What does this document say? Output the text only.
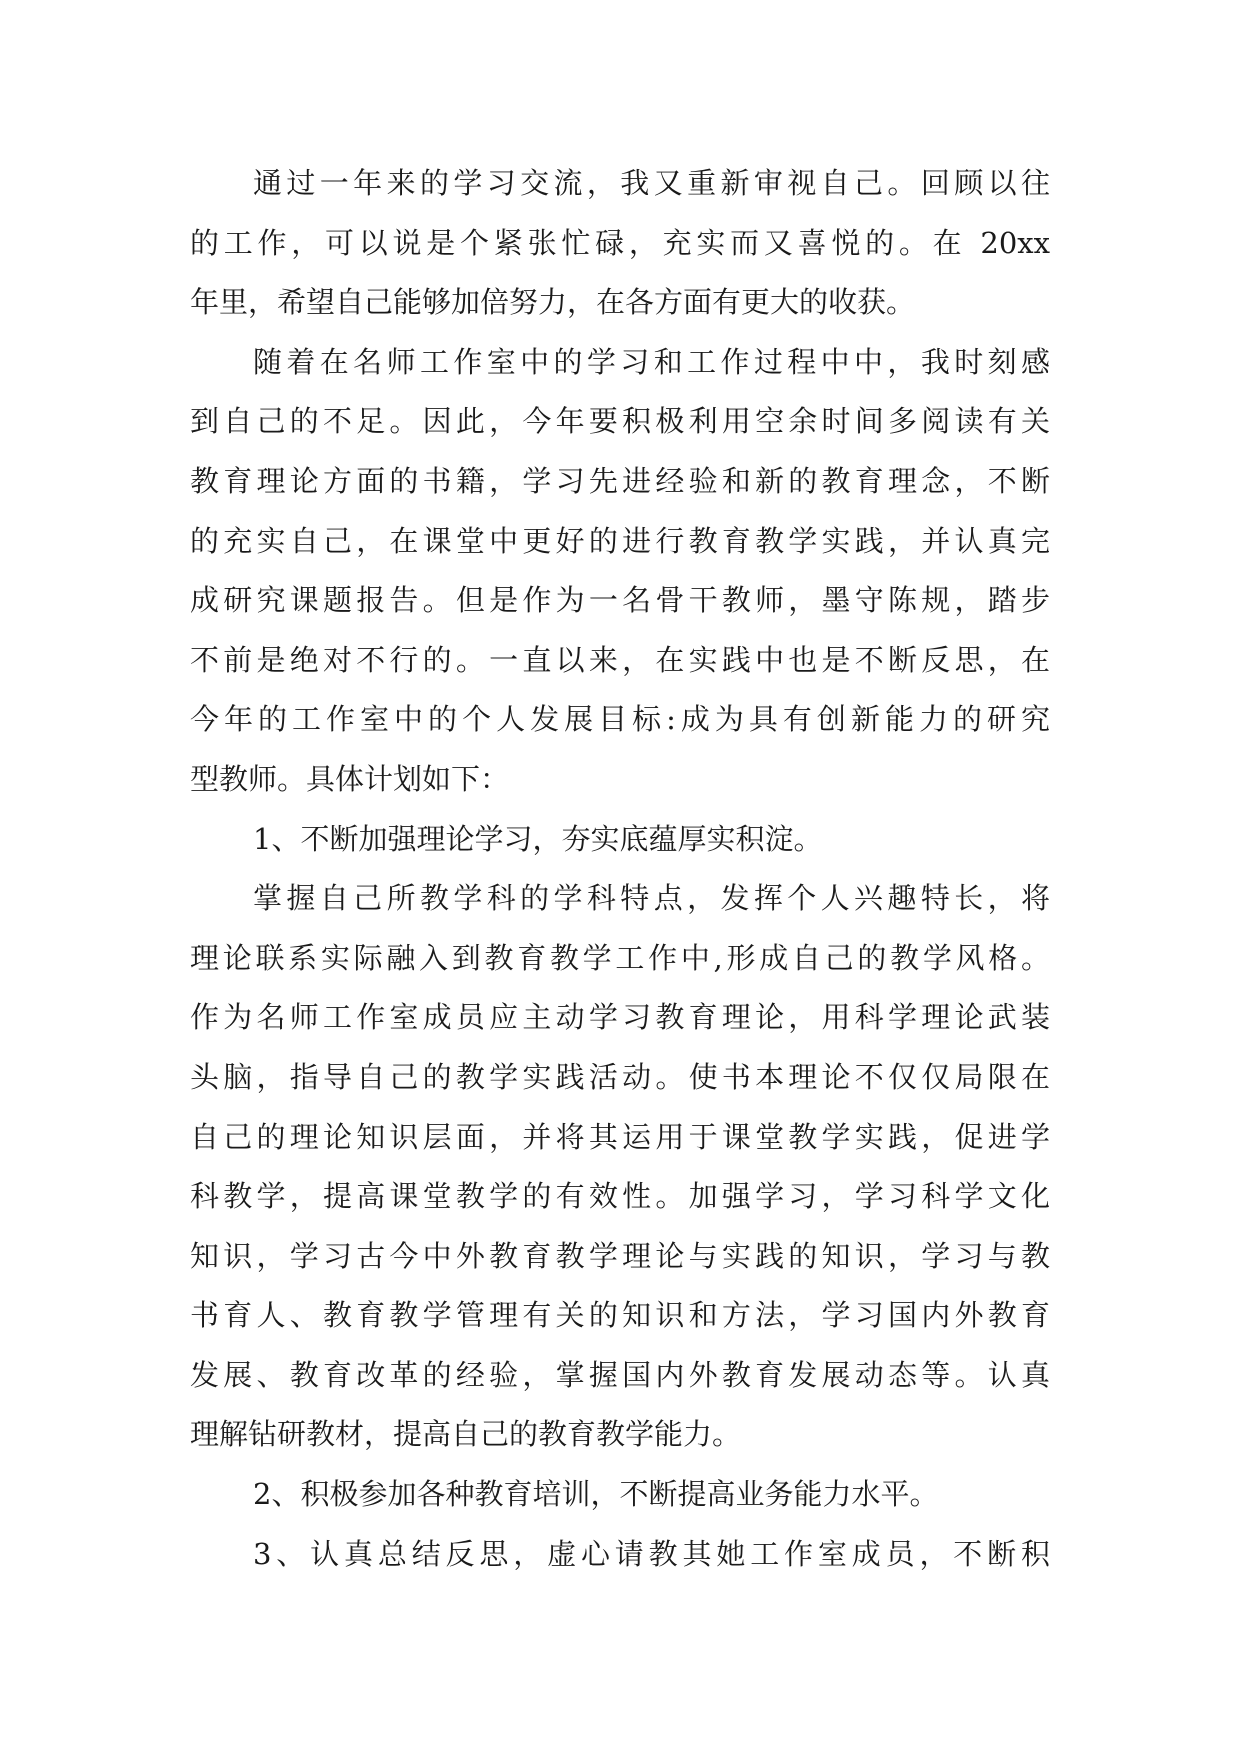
通过一年来的学习交流，我又重新审视自己。回顾以往
的工作，可以说是个紧张忙碌，充实而又喜悦的。在 20xx
年里，希望自己能够加倍努力，在各方面有更大的收获。
随着在名师工作室中的学习和工作过程中中，我时刻感
到自己的不足。因此，今年要积极利用空余时间多阅读有关
教育理论方面的书籍，学习先进经验和新的教育理念，不断
的充实自己，在课堂中更好的进行教育教学实践，并认真完
成研究课题报告。但是作为一名骨干教师，墨守陈规，踏步
不前是绝对不行的。一直以来，在实践中也是不断反思，在
今年的工作室中的个人发展目标:成为具有创新能力的研究
型教师。具体计划如下：
1、不断加强理论学习，夯实底蕴厚实积淀。
掌握自己所教学科的学科特点，发挥个人兴趣特长，将
理论联系实际融入到教育教学工作中,形成自己的教学风格。
作为名师工作室成员应主动学习教育理论，用科学理论武装
头脑，指导自己的教学实践活动。使书本理论不仅仅局限在
自己的理论知识层面，并将其运用于课堂教学实践，促进学
科教学，提高课堂教学的有效性。加强学习，学习科学文化
知识，学习古今中外教育教学理论与实践的知识，学习与教
书育人、教育教学管理有关的知识和方法，学习国内外教育
发展、教育改革的经验，掌握国内外教育发展动态等。认真
理解钻研教材，提高自己的教育教学能力。
2、积极参加各种教育培训，不断提高业务能力水平。
3、认真总结反思，虚心请教其她工作室成员，不断积
